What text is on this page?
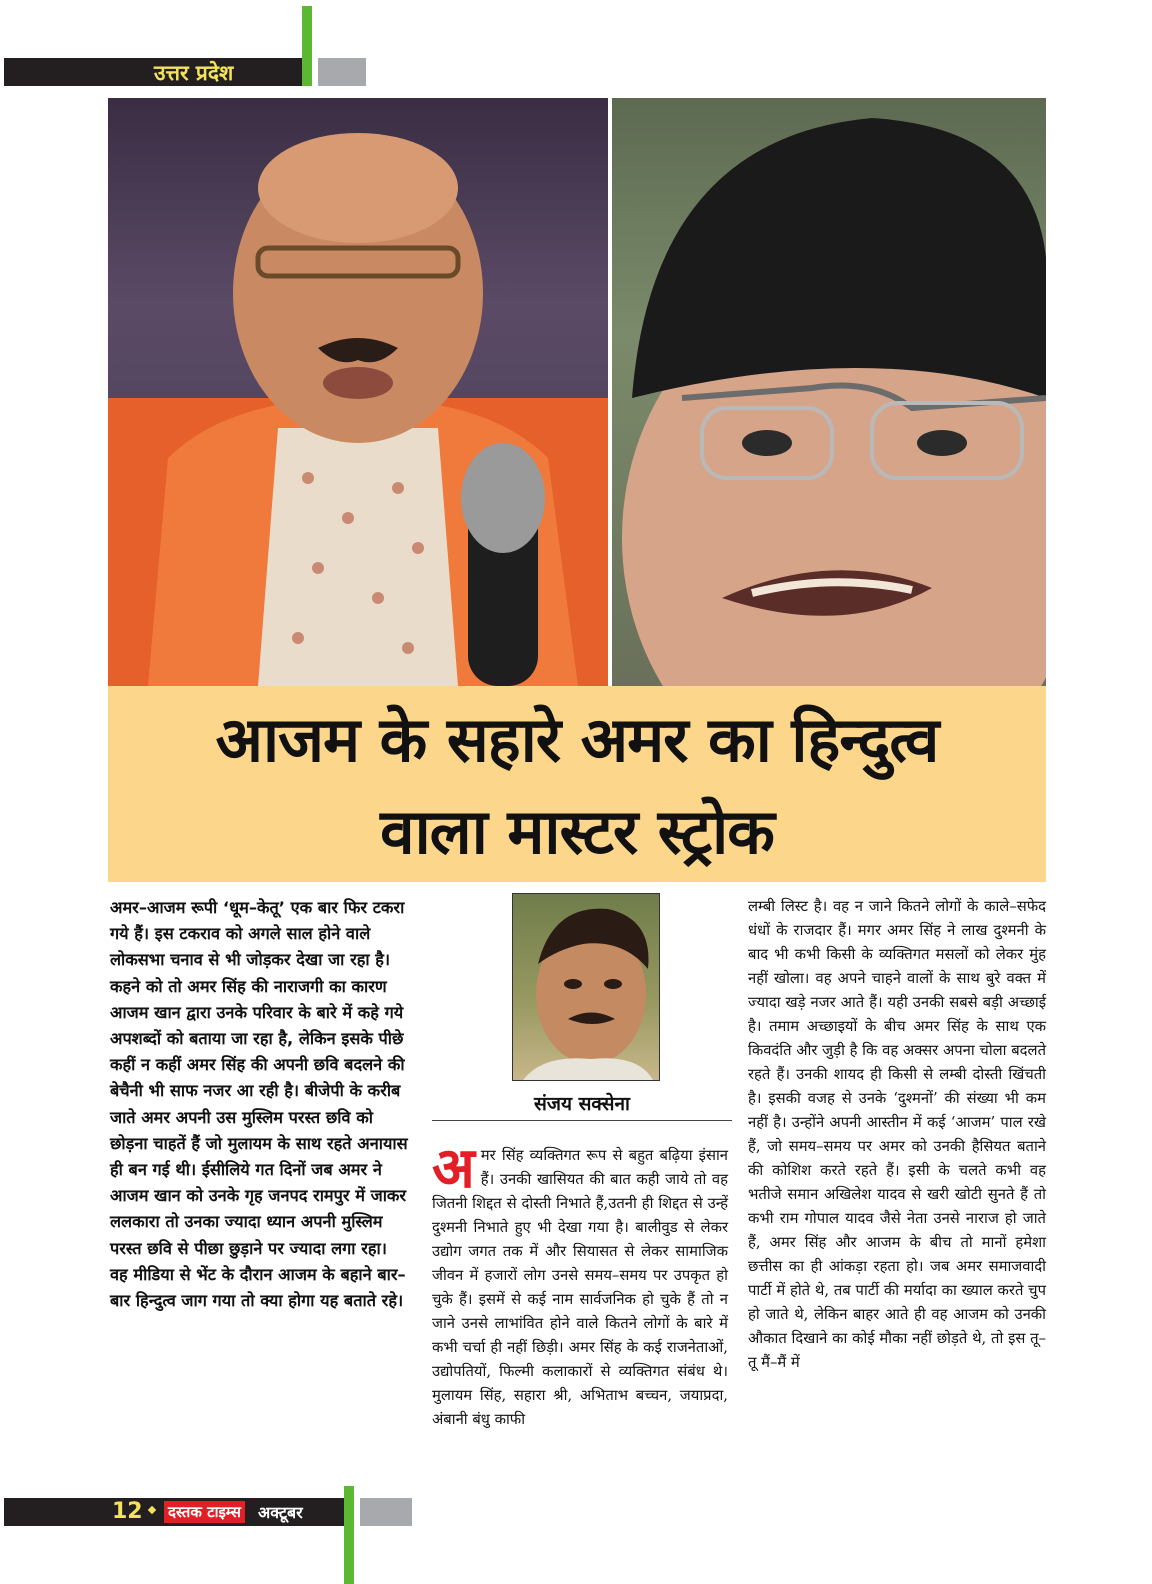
उत्तर प्रदेश
आजम के सहारे अमर का हिन्दुत्व
वाला मास्टर स्ट्रोक

अमर–आजम रूपी ‘धूम–केतू’ एक बार फिर टकरा गये हैं। इस टकराव को अगले साल होने वाले लोकसभा चनाव से भी जोड़कर देखा जा रहा है। कहने को तो अमर सिंह की नाराजगी का कारण आजम खान द्वारा उनके परिवार के बारे में कहे गये अपशब्दों को बताया जा रहा है, लेकिन इसके पीछे कहीं न कहीं अमर सिंह की अपनी छवि बदलने की बेचैनी भी साफ नजर आ रही है। बीजेपी के करीब जाते अमर अपनी उस मुस्लिम परस्त छवि को छोड़ना चाहतें हैं जो मुलायम के साथ रहते अनायास ही बन गई थी। ईसीलिये गत दिनों जब अमर ने आजम खान को उनके गृह जनपद रामपुर में जाकर ललकारा तो उनका ज्यादा ध्यान अपनी मुस्लिम परस्त छवि से पीछा छुड़ाने पर ज्यादा लगा रहा। वह मीडिया से भेंट के दौरान आजम के बहाने बार–बार हिन्दुत्व जाग गया तो क्या होगा यह बताते रहे।

संजय सक्सेना
अ मर सिंह व्यक्तिगत रूप से बहुत बढ़िया इंसान हैं। उनकी खासियत की बात कही जाये तो वह जितनी शिद्दत से दोस्ती निभाते हैं,उतनी ही शिद्दत से उन्हें दुश्मनी निभाते हुए भी देखा गया है। बालीवुड से लेकर उद्योग जगत तक में और सियासत से लेकर सामाजिक जीवन में हजारों लोग उनसे समय–समय पर उपकृत हो चुके हैं। इसमें से कई नाम सार्वजनिक हो चुके हैं तो न जाने उनसे लाभांवित होने वाले कितने लोगों के बारे में कभी चर्चा ही नहीं छिड़ी। अमर सिंह के कई राजनेताओं, उद्योपतियों, फिल्मी कलाकारों से व्यक्तिगत संबंध थे। मुलायम सिंह, सहारा श्री, अभिताभ बच्चन, जयाप्रदा, अंबानी बंधु काफी

लम्बी लिस्ट है। वह न जाने कितने लोगों के काले–सफेद धंधों के राजदार हैं। मगर अमर सिंह ने लाख दुश्मनी के बाद भी कभी किसी के व्यक्तिगत मसलों को लेकर मुंह नहीं खोला। वह अपने चाहने वालों के साथ बुरे वक्त में ज्यादा खड़े नजर आते हैं। यही उनकी सबसे बड़ी अच्छाई है। तमाम अच्छाइयों के बीच अमर सिंह के साथ एक किवदंति और जुड़ी है कि वह अक्सर अपना चोला बदलते रहते हैं। उनकी शायद ही किसी से लम्बी दोस्ती खिंचती है। इसकी वजह से उनके ‘दुश्मनों’ की संख्या भी कम नहीं है। उन्होंने अपनी आस्तीन में कई ‘आजम’ पाल रखे हैं, जो समय–समय पर अमर को उनकी हैसियत बताने की कोशिश करते रहते हैं। इसी के चलते कभी वह भतीजे समान अखिलेश यादव से खरी खोटी सुनते हैं तो कभी राम गोपाल यादव जैसे नेता उनसे नाराज हो जाते हैं, अमर सिंह और आजम के बीच तो मानों हमेशा छत्तीस का ही आंकड़ा रहता हो। जब अमर समाजवादी पार्टी में होते थे, तब पार्टी की मर्यादा का ख्याल करते चुप हो जाते थे, लेकिन बाहर आते ही वह आजम को उनकी औकात दिखाने का कोई मौका नहीं छोड़ते थे, तो इस तू–तू मैं–मैं में

12 दस्तक टाइम्स अक्टूबर 2018
